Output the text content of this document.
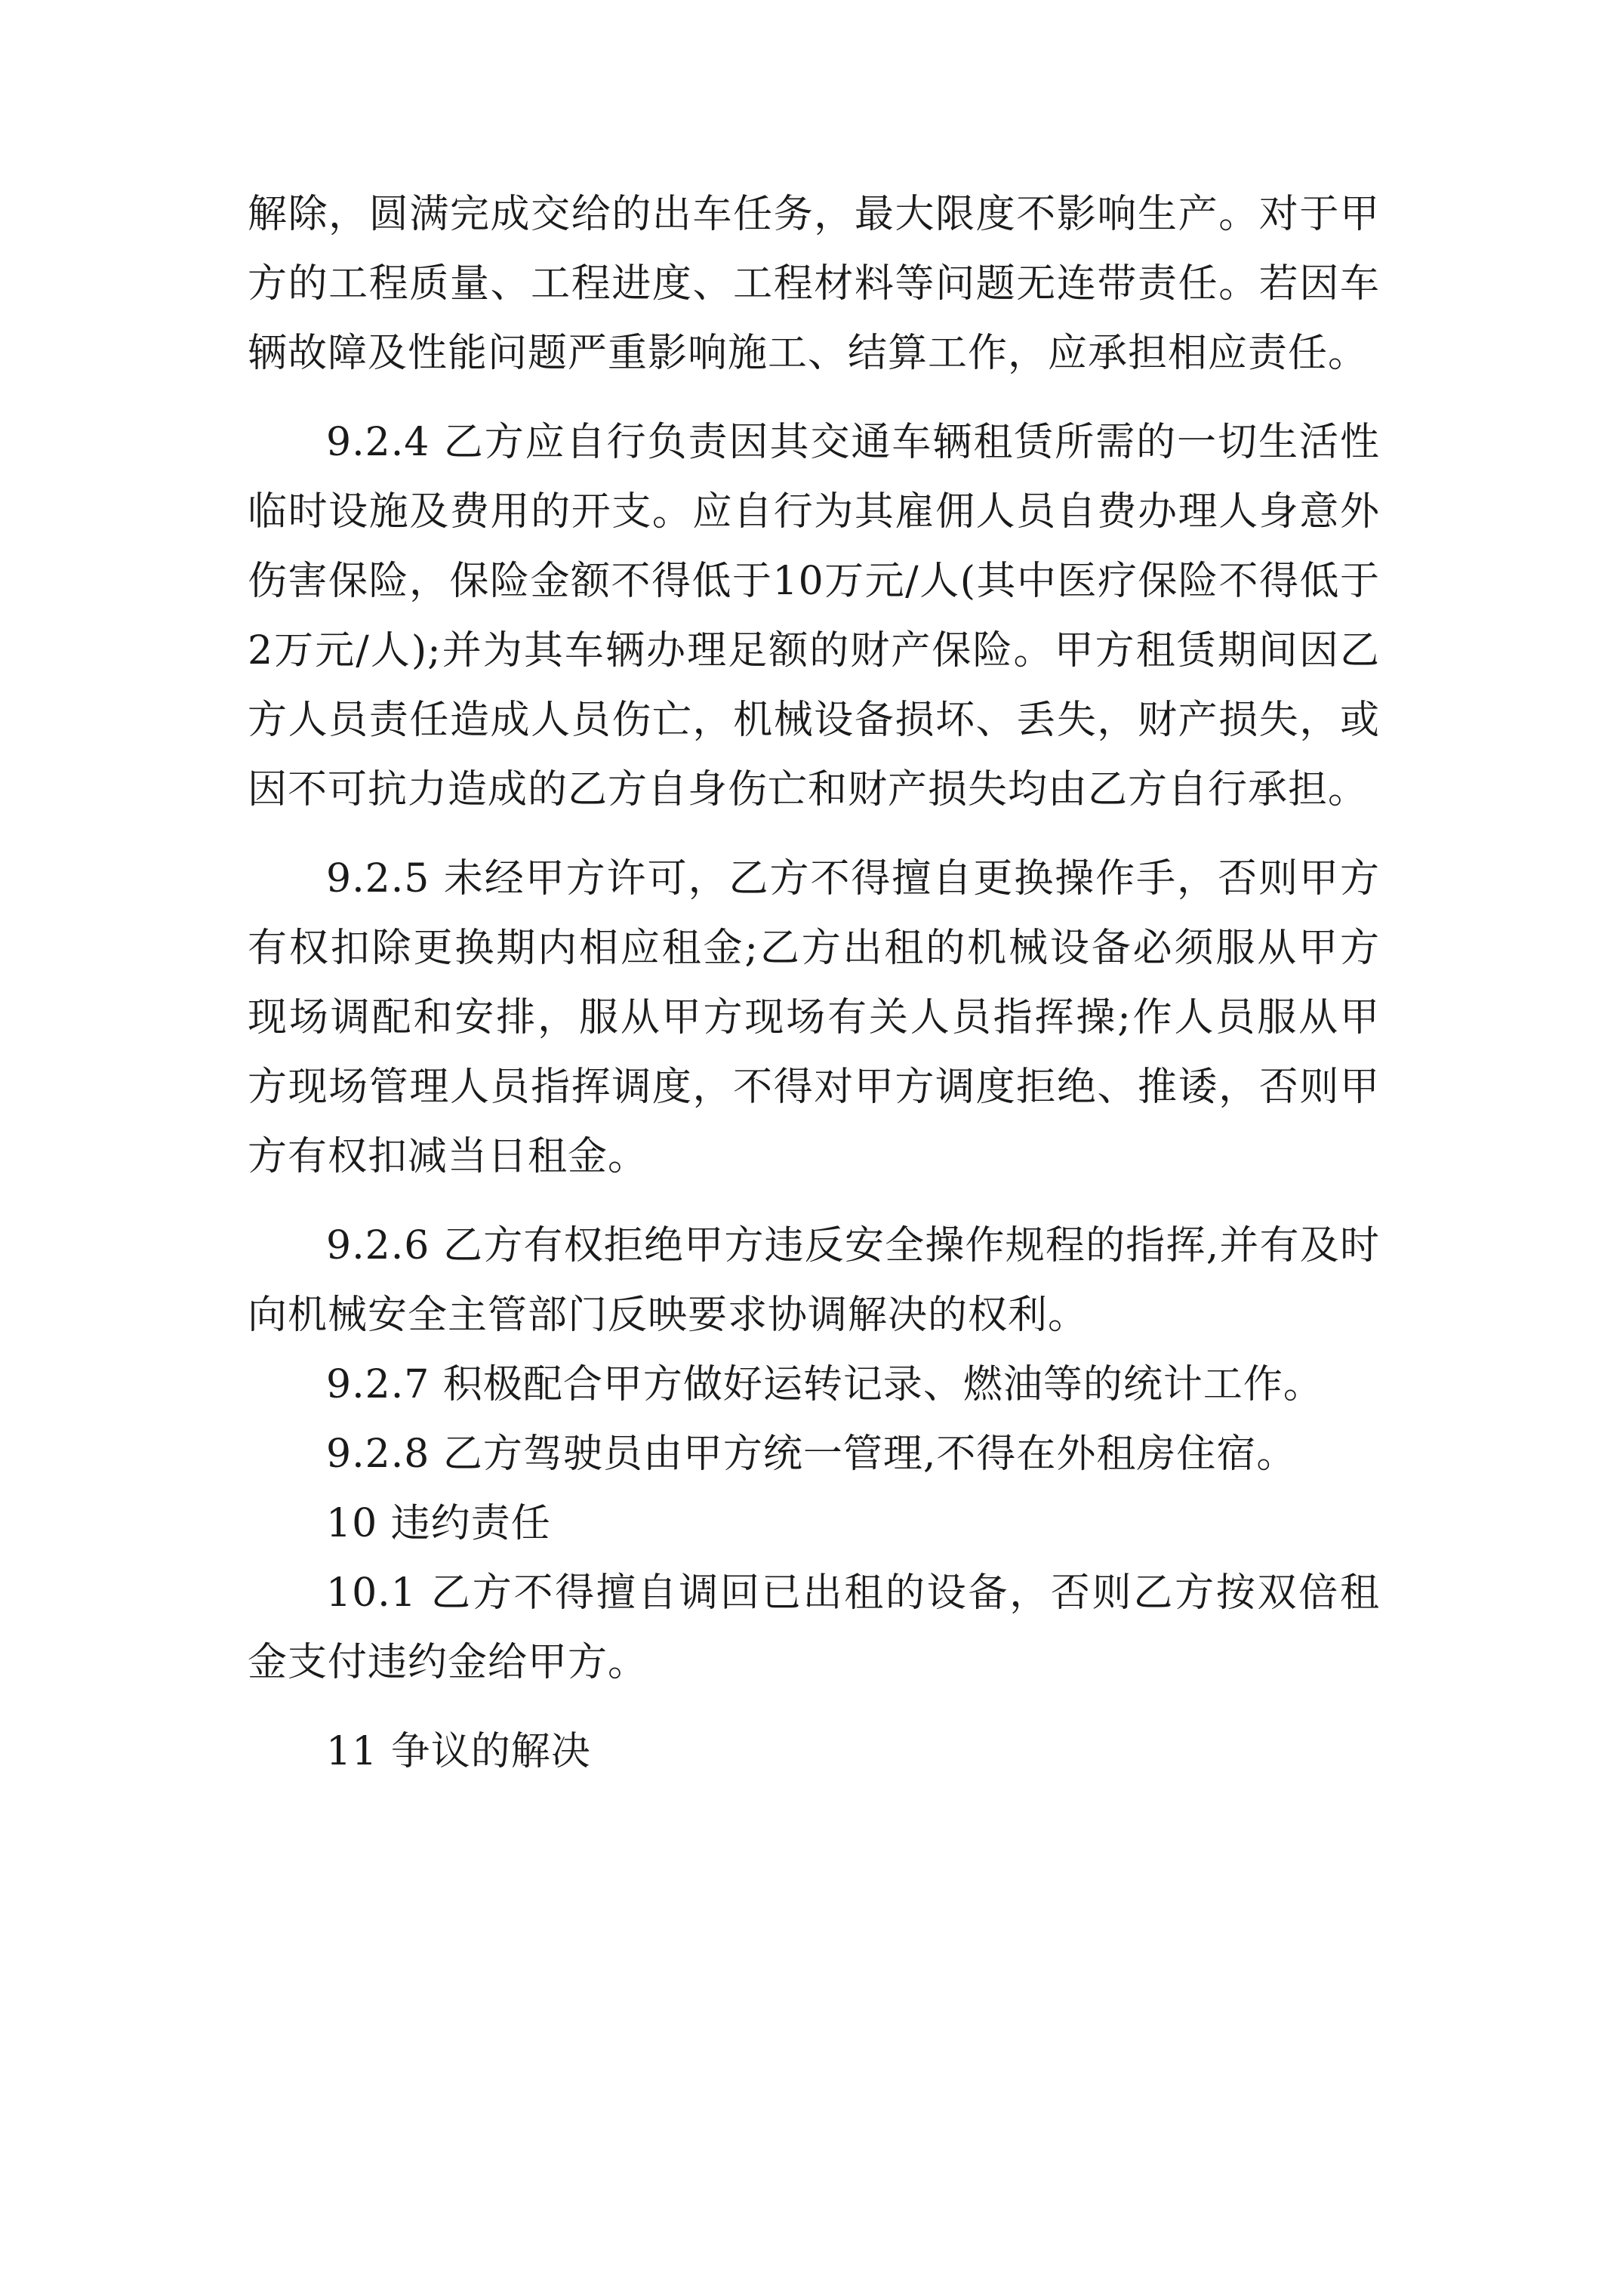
解除，圆满完成交给的出车任务，最大限度不影响生产。对于甲方的工程质量、工程进度、工程材料等问题无连带责任。若因车辆故障及性能问题严重影响施工、结算工作，应承担相应责任。

9.2.4 乙方应自行负责因其交通车辆租赁所需的一切生活性临时设施及费用的开支。应自行为其雇佣人员自费办理人身意外伤害保险，保险金额不得低于10万元/人(其中医疗保险不得低于2万元/人);并为其车辆办理足额的财产保险。甲方租赁期间因乙方人员责任造成人员伤亡，机械设备损坏、丢失，财产损失，或因不可抗力造成的乙方自身伤亡和财产损失均由乙方自行承担。

9.2.5 未经甲方许可，乙方不得擅自更换操作手，否则甲方有权扣除更换期内相应租金;乙方出租的机械设备必须服从甲方现场调配和安排，服从甲方现场有关人员指挥操;作人员服从甲方现场管理人员指挥调度，不得对甲方调度拒绝、推诿，否则甲方有权扣减当日租金。

9.2.6 乙方有权拒绝甲方违反安全操作规程的指挥,并有及时向机械安全主管部门反映要求协调解决的权利。

9.2.7 积极配合甲方做好运转记录、燃油等的统计工作。

9.2.8 乙方驾驶员由甲方统一管理,不得在外租房住宿。

10 违约责任

10.1 乙方不得擅自调回已出租的设备，否则乙方按双倍租金支付违约金给甲方。

11 争议的解决
